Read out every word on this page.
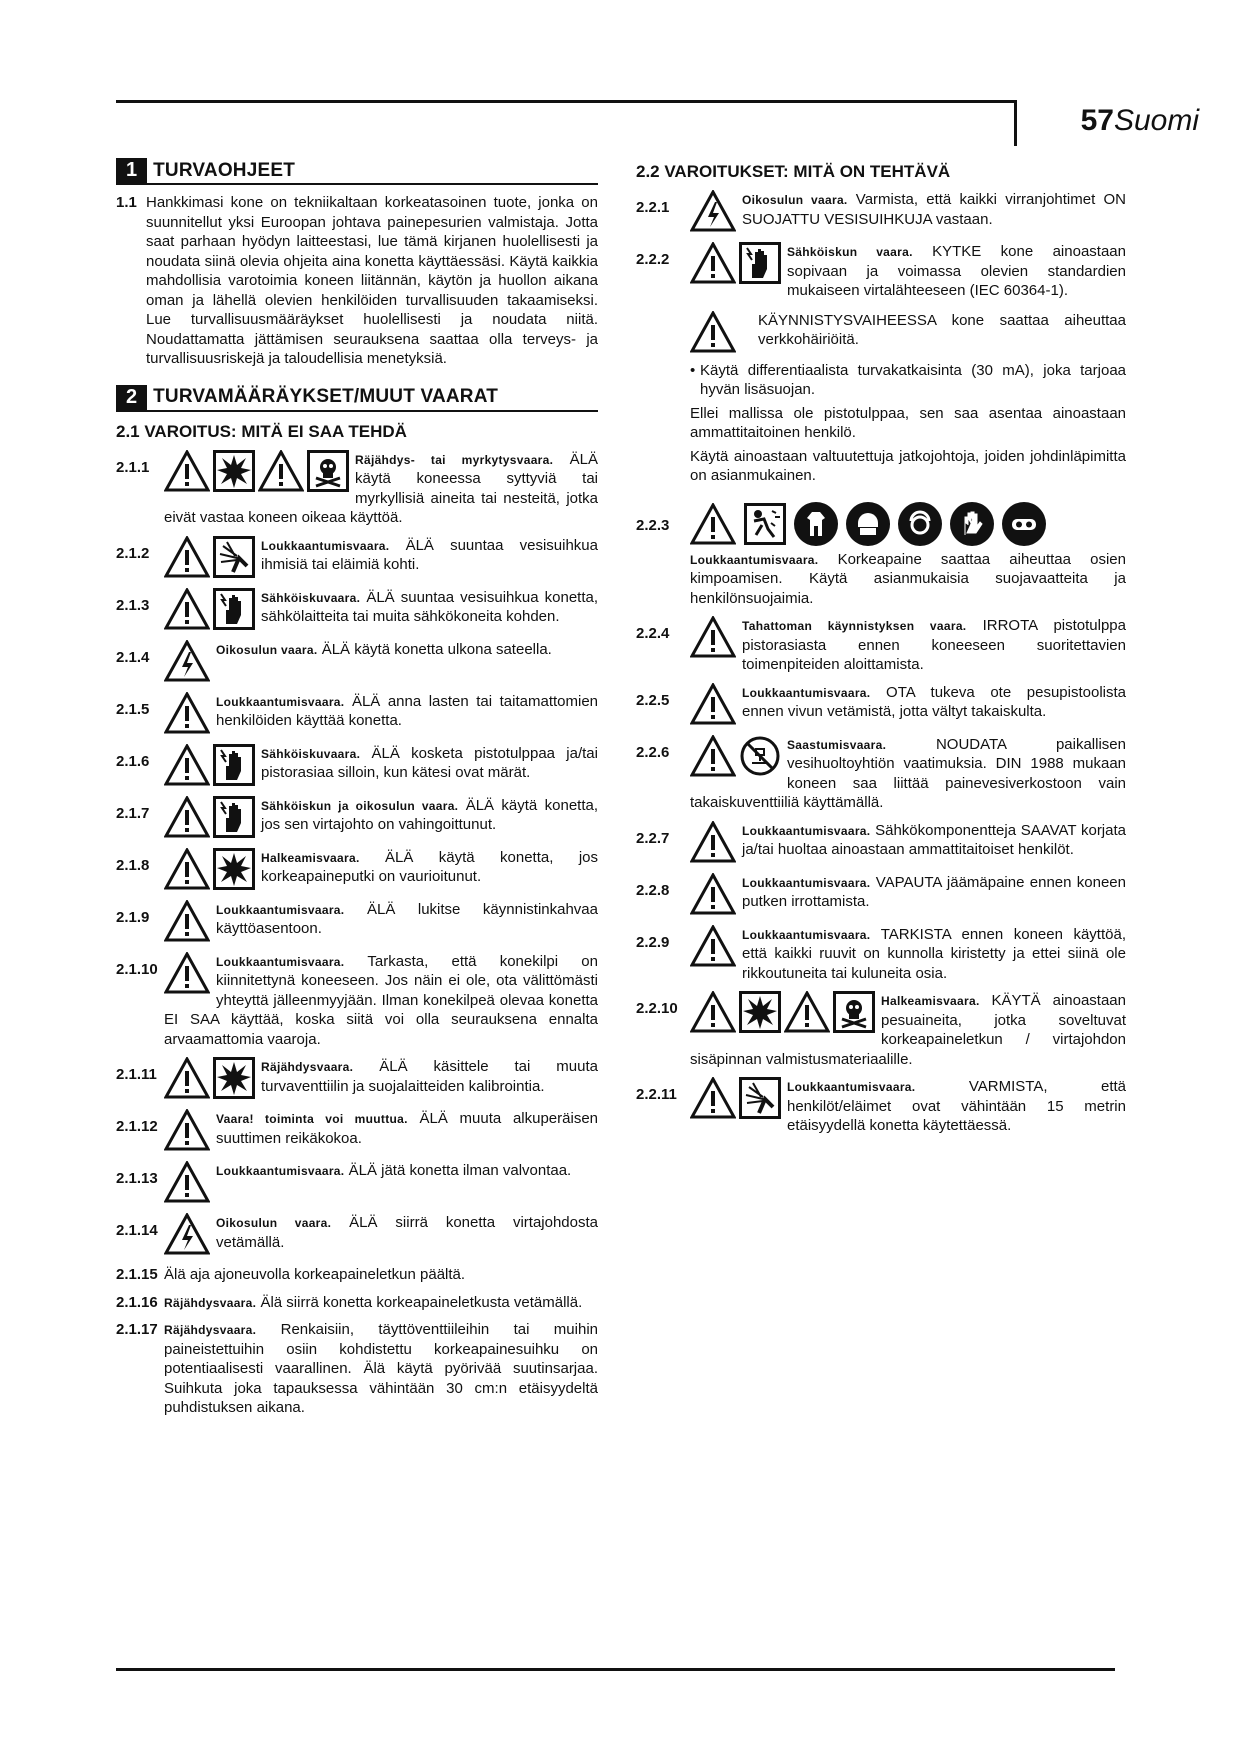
57Suomi
1 TURVAOHJEET
1.1 Hankkimasi kone on tekniikaltaan korkeatasoinen tuote, jonka on suunnitellut yksi Euroopan johtava painepesurien valmistaja. Jotta saat parhaan hyödyn laitteestasi, lue tämä kirjanen huolellisesti ja noudata siinä olevia ohjeita aina konetta käyttäessäsi. Käytä kaikkia mahdollisia varotoimia koneen liitännän, käytön ja huollon aikana oman ja lähellä olevien henkilöiden turvallisuuden takaamiseksi. Lue turvallisuusmääräykset huolellisesti ja noudata niitä. Noudattamatta jättämisen seurauksena saattaa olla terveys- ja turvallisuusriskejä ja taloudellisia menetyksiä.
2 TURVAMÄÄRÄYKSET/MUUT VAARAT
2.1 VAROITUS: MITÄ EI SAA TEHDÄ
2.1.1	Räjähdys- tai myrkytysvaara. ÄLÄ käytä koneessa syttyviä tai myrkyllisiä aineita tai nesteitä, jotka eivät vastaa koneen oikeaa käyttöä.
2.1.2	Loukkaantumisvaara. ÄLÄ suuntaa vesisuihkua ihmisiä tai eläimiä kohti.
2.1.3	Sähköiskuvaara. ÄLÄ suuntaa vesisuihkua konetta, sähkölaitteita tai muita sähkökoneita kohden.
2.1.4	Oikosulun vaara. ÄLÄ käytä konetta ulkona sateella.
2.1.5	Loukkaantumisvaara. ÄLÄ anna lasten tai taitamattomien henkilöiden käyttää konetta.
2.1.6	Sähköiskuvaara. ÄLÄ kosketa pistotulppaa ja/tai pistorasiaa silloin, kun kätesi ovat märät.
2.1.7	Sähköiskun ja oikosulun vaara. ÄLÄ käytä konetta, jos sen virtajohto on vahingoittunut.
2.1.8	Halkeamisvaara. ÄLÄ käytä konetta, jos korkeapaineputki on vaurioitunut.
2.1.9	Loukkaantumisvaara. ÄLÄ lukitse käynnistinkahvaa käyttöasentoon.
2.1.10	Loukkaantumisvaara. Tarkasta, että konekilpi on kiinnitettynä koneeseen. Jos näin ei ole, ota välittömästi yhteyttä jälleenmyyjään. Ilman konekilpeä olevaa konetta EI SAA käyttää, koska siitä voi olla seurauksena ennalta arvaamattomia vaaroja.
2.1.11	Räjähdysvaara. ÄLÄ käsittele tai muuta turvaventtiilin ja suojalaitteiden kalibrointia.
2.1.12	Vaara! toiminta voi muuttua. ÄLÄ muuta alkuperäisen suuttimen reikäkokoa.
2.1.13	Loukkaantumisvaara. ÄLÄ jätä konetta ilman valvontaa.
2.1.14	Oikosulun vaara. ÄLÄ siirrä konetta virtajohdosta vetämällä.
2.1.15 Älä aja ajoneuvolla korkeapaineletkun päältä.
2.1.16 Räjähdysvaara. Älä siirrä konetta korkeapaineletkusta vetämällä.
2.1.17 Räjähdysvaara. Renkaisiin, täyttöventtiileihin tai muihin paineistettuihin osiin kohdistettu korkeapainesuihku on potentiaalisesti vaarallinen. Älä käytä pyörivää suutinsarjaa. Suihkuta joka tapauksessa vähintään 30 cm:n etäisyydeltä puhdistuksen aikana.
2.2 VAROITUKSET: MITÄ ON TEHTÄVÄ
2.2.1	Oikosulun vaara. Varmista, että kaikki virranjohtimet ON SUOJATTU VESISUIHKUJA vastaan.
2.2.2	Sähköiskun vaara. KYTKE kone ainoastaan sopivaan ja voimassa olevien standardien mukaiseen virtalähteeseen (IEC 60364-1).
KÄYNNISTYSVAIHEESSA kone saattaa aiheuttaa verkkohäiriöitä.
• Käytä differentiaalista turvakatkaisinta (30 mA), joka tarjoaa hyvän lisäsuojan.
Ellei mallissa ole pistotulppaa, sen saa asentaa ainoastaan ammattitaitoinen henkilö.
Käytä ainoastaan valtuutettuja jatkojohtoja, joiden johdinläpimitta on asianmukainen.
2.2.3
Loukkaantumisvaara. Korkeapaine saattaa aiheuttaa osien kimpoamisen. Käytä asianmukaisia suojavaatteita ja henkilönsuojaimia.
2.2.4	Tahattoman käynnistyksen vaara. IRROTA pistotulppa pistorasiasta ennen koneeseen suoritettavien toimenpiteiden aloittamista.
2.2.5	Loukkaantumisvaara. OTA tukeva ote pesupistoolista ennen vivun vetämistä, jotta vältyt takaiskulta.
2.2.6	Saastumisvaara.	NOUDATA paikallisen vesihuoltoyhtiön vaatimuksia. DIN 1988 mukaan koneen saa liittää painevesiverkostoon vain takaiskuventtiiliä käyttämällä.
2.2.7	Loukkaantumisvaara. Sähkökomponentteja SAAVAT korjata ja/tai huoltaa ainoastaan ammattitaitoiset henkilöt.
2.2.8	Loukkaantumisvaara. VAPAUTA jäämäpaine ennen koneen putken irrottamista.
2.2.9	Loukkaantumisvaara. TARKISTA ennen koneen käyttöä, että kaikki ruuvit on kunnolla kiristetty ja ettei siinä ole rikkoutuneita tai kuluneita osia.
2.2.10	Halkeamisvaara. KÄYTÄ ainoastaan pesuaineita, jotka soveltuvat korkeapaineletkun / virtajohdon sisäpinnan valmistusmateriaalille.
2.2.11	Loukkaantumisvaara.	VARMISTA, että henkilöt/eläimet ovat vähintään 15 metrin etäisyydellä konetta käytettäessä.
